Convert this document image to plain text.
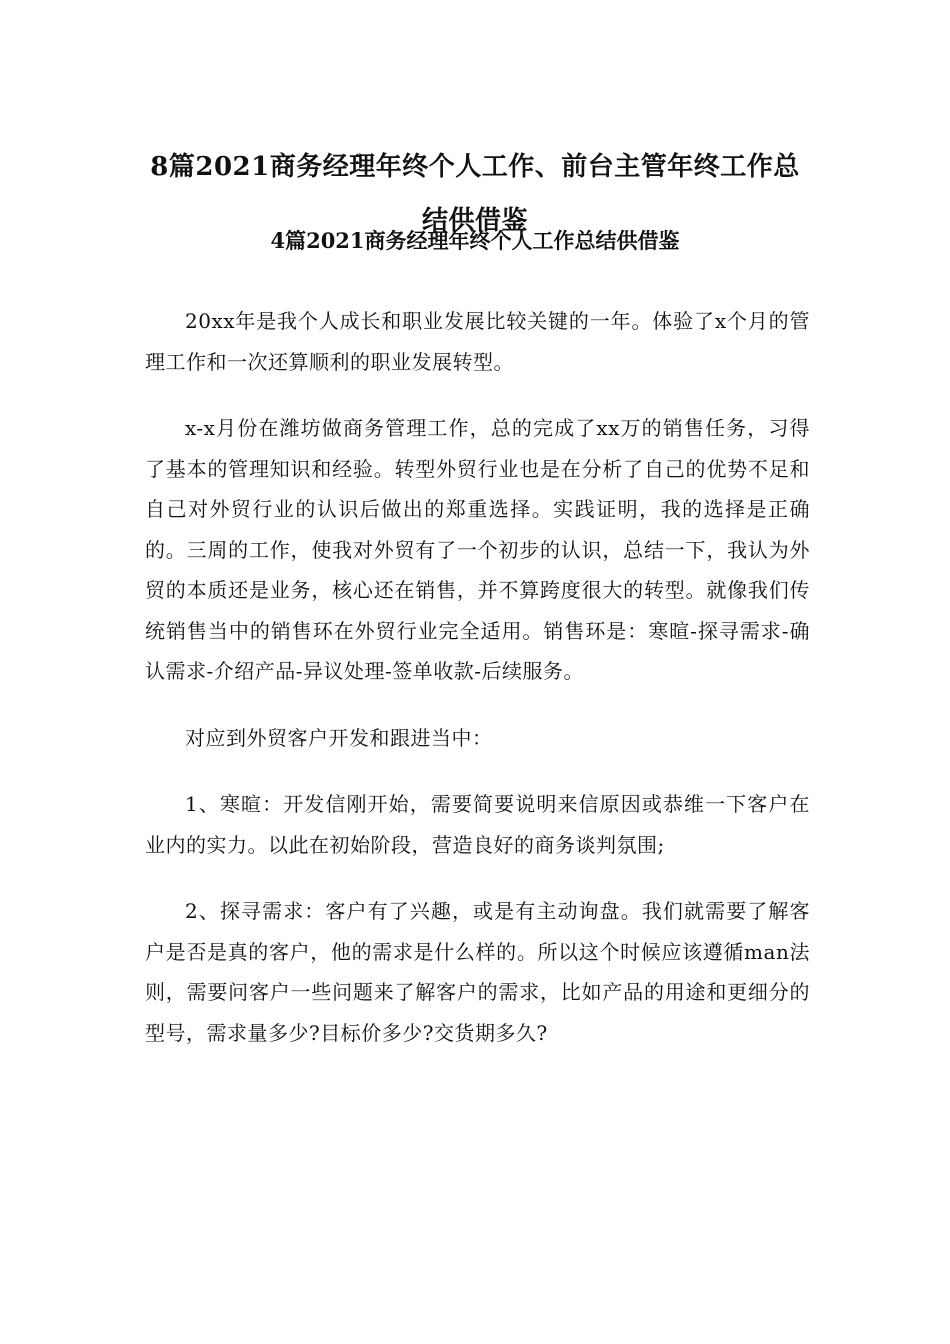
8篇2021商务经理年终个人工作、前台主管年终工作总结供借鉴
4篇2021商务经理年终个人工作总结供借鉴

20xx年是我个人成长和职业发展比较关键的一年。体验了x个月的管理工作和一次还算顺利的职业发展转型。

x-x月份在潍坊做商务管理工作，总的完成了xx万的销售任务，习得了基本的管理知识和经验。转型外贸行业也是在分析了自己的优势不足和自己对外贸行业的认识后做出的郑重选择。实践证明，我的选择是正确的。三周的工作，使我对外贸有了一个初步的认识，总结一下，我认为外贸的本质还是业务，核心还在销售，并不算跨度很大的转型。就像我们传统销售当中的销售环在外贸行业完全适用。销售环是：寒暄-探寻需求-确认需求-介绍产品-异议处理-签单收款-后续服务。

对应到外贸客户开发和跟进当中：

1、寒暄：开发信刚开始，需要简要说明来信原因或恭维一下客户在业内的实力。以此在初始阶段，营造良好的商务谈判氛围;

2、探寻需求：客户有了兴趣，或是有主动询盘。我们就需要了解客户是否是真的客户，他的需求是什么样的。所以这个时候应该遵循man法则，需要问客户一些问题来了解客户的需求，比如产品的用途和更细分的型号，需求量多少?目标价多少?交货期多久?
